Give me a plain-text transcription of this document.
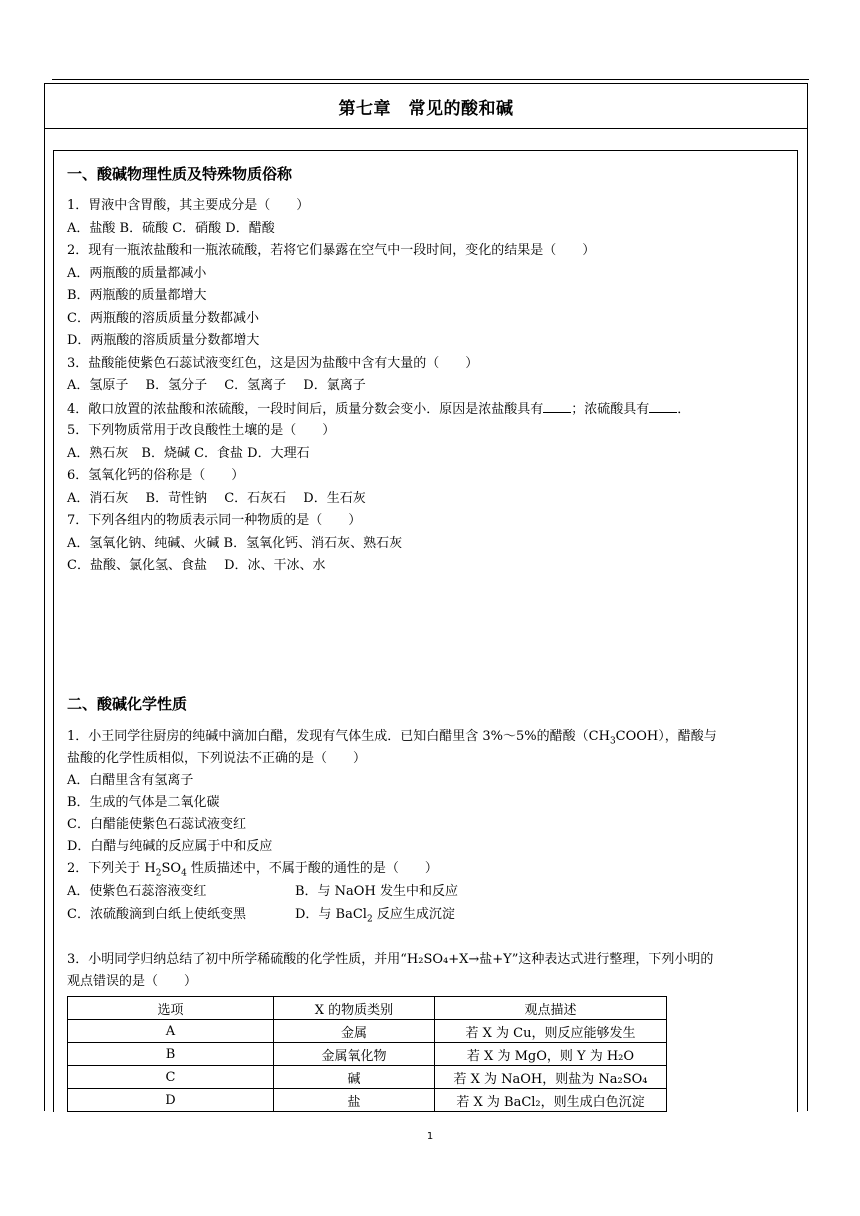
第七章　常见的酸和碱
一、酸碱物理性质及特殊物质俗称
1．胃液中含胃酸，其主要成分是（　　）
A．盐酸 B．硫酸 C．硝酸 D．醋酸
2．现有一瓶浓盐酸和一瓶浓硫酸，若将它们暴露在空气中一段时间，变化的结果是（　　）
A．两瓶酸的质量都减小
B．两瓶酸的质量都增大
C．两瓶酸的溶质质量分数都减小
D．两瓶酸的溶质质量分数都增大
3．盐酸能使紫色石蕊试液变红色，这是因为盐酸中含有大量的（　　）
A．氢原子　 B．氢分子　 C．氢离子　 D．氯离子
4．敞口放置的浓盐酸和浓硫酸，一段时间后，质量分数会变小．原因是浓盐酸具有 ；浓硫酸具有 ．
5．下列物质常用于改良酸性土壤的是（　　）
A．熟石灰　B．烧碱 C．食盐 D．大理石
6．氢氧化钙的俗称是（　　）
A．消石灰　 B．苛性钠　 C．石灰石　 D．生石灰
7．下列各组内的物质表示同一种物质的是（　　）
A．氢氧化钠、纯碱、火碱 B．氢氧化钙、消石灰、熟石灰
C．盐酸、氯化氢、食盐　 D．冰、干冰、水
二、酸碱化学性质
1．小王同学往厨房的纯碱中滴加白醋，发现有气体生成．已知白醋里含 3%～5%的醋酸$(CH_3COOH)$，醋酸与
盐酸的化学性质相似，下列说法不正确的是（　　）
A．白醋里含有氢离子
B．生成的气体是二氧化碳
C．白醋能使紫色石蕊试液变红
D．白醋与纯碱的反应属于中和反应
2．下列关于 $H_2SO_4$ 性质描述中，不属于酸的通性的是（　　）
A．使紫色石蕊溶液变红	B．与 NaOH 发生中和反应
C．浓硫酸滴到白纸上使纸变黑	D．与 BaCl$_2$ 反应生成沉淀
3．小明同学归纳总结了初中所学稀硫酸的化学性质，并用“H₂SO₄+X→盐+Y”这种表达式进行整理，下列小明的
观点错误的是（　　）
选项	X 的物质类别	观点描述
A	金属	若 X 为 Cu，则反应能够发生
B	金属氧化物	若 X 为 MgO，则 Y 为 H₂O
C	碱	若 X 为 NaOH，则盐为 Na₂SO₄
D	盐	若 X 为 BaCl₂，则生成白色沉淀
1
